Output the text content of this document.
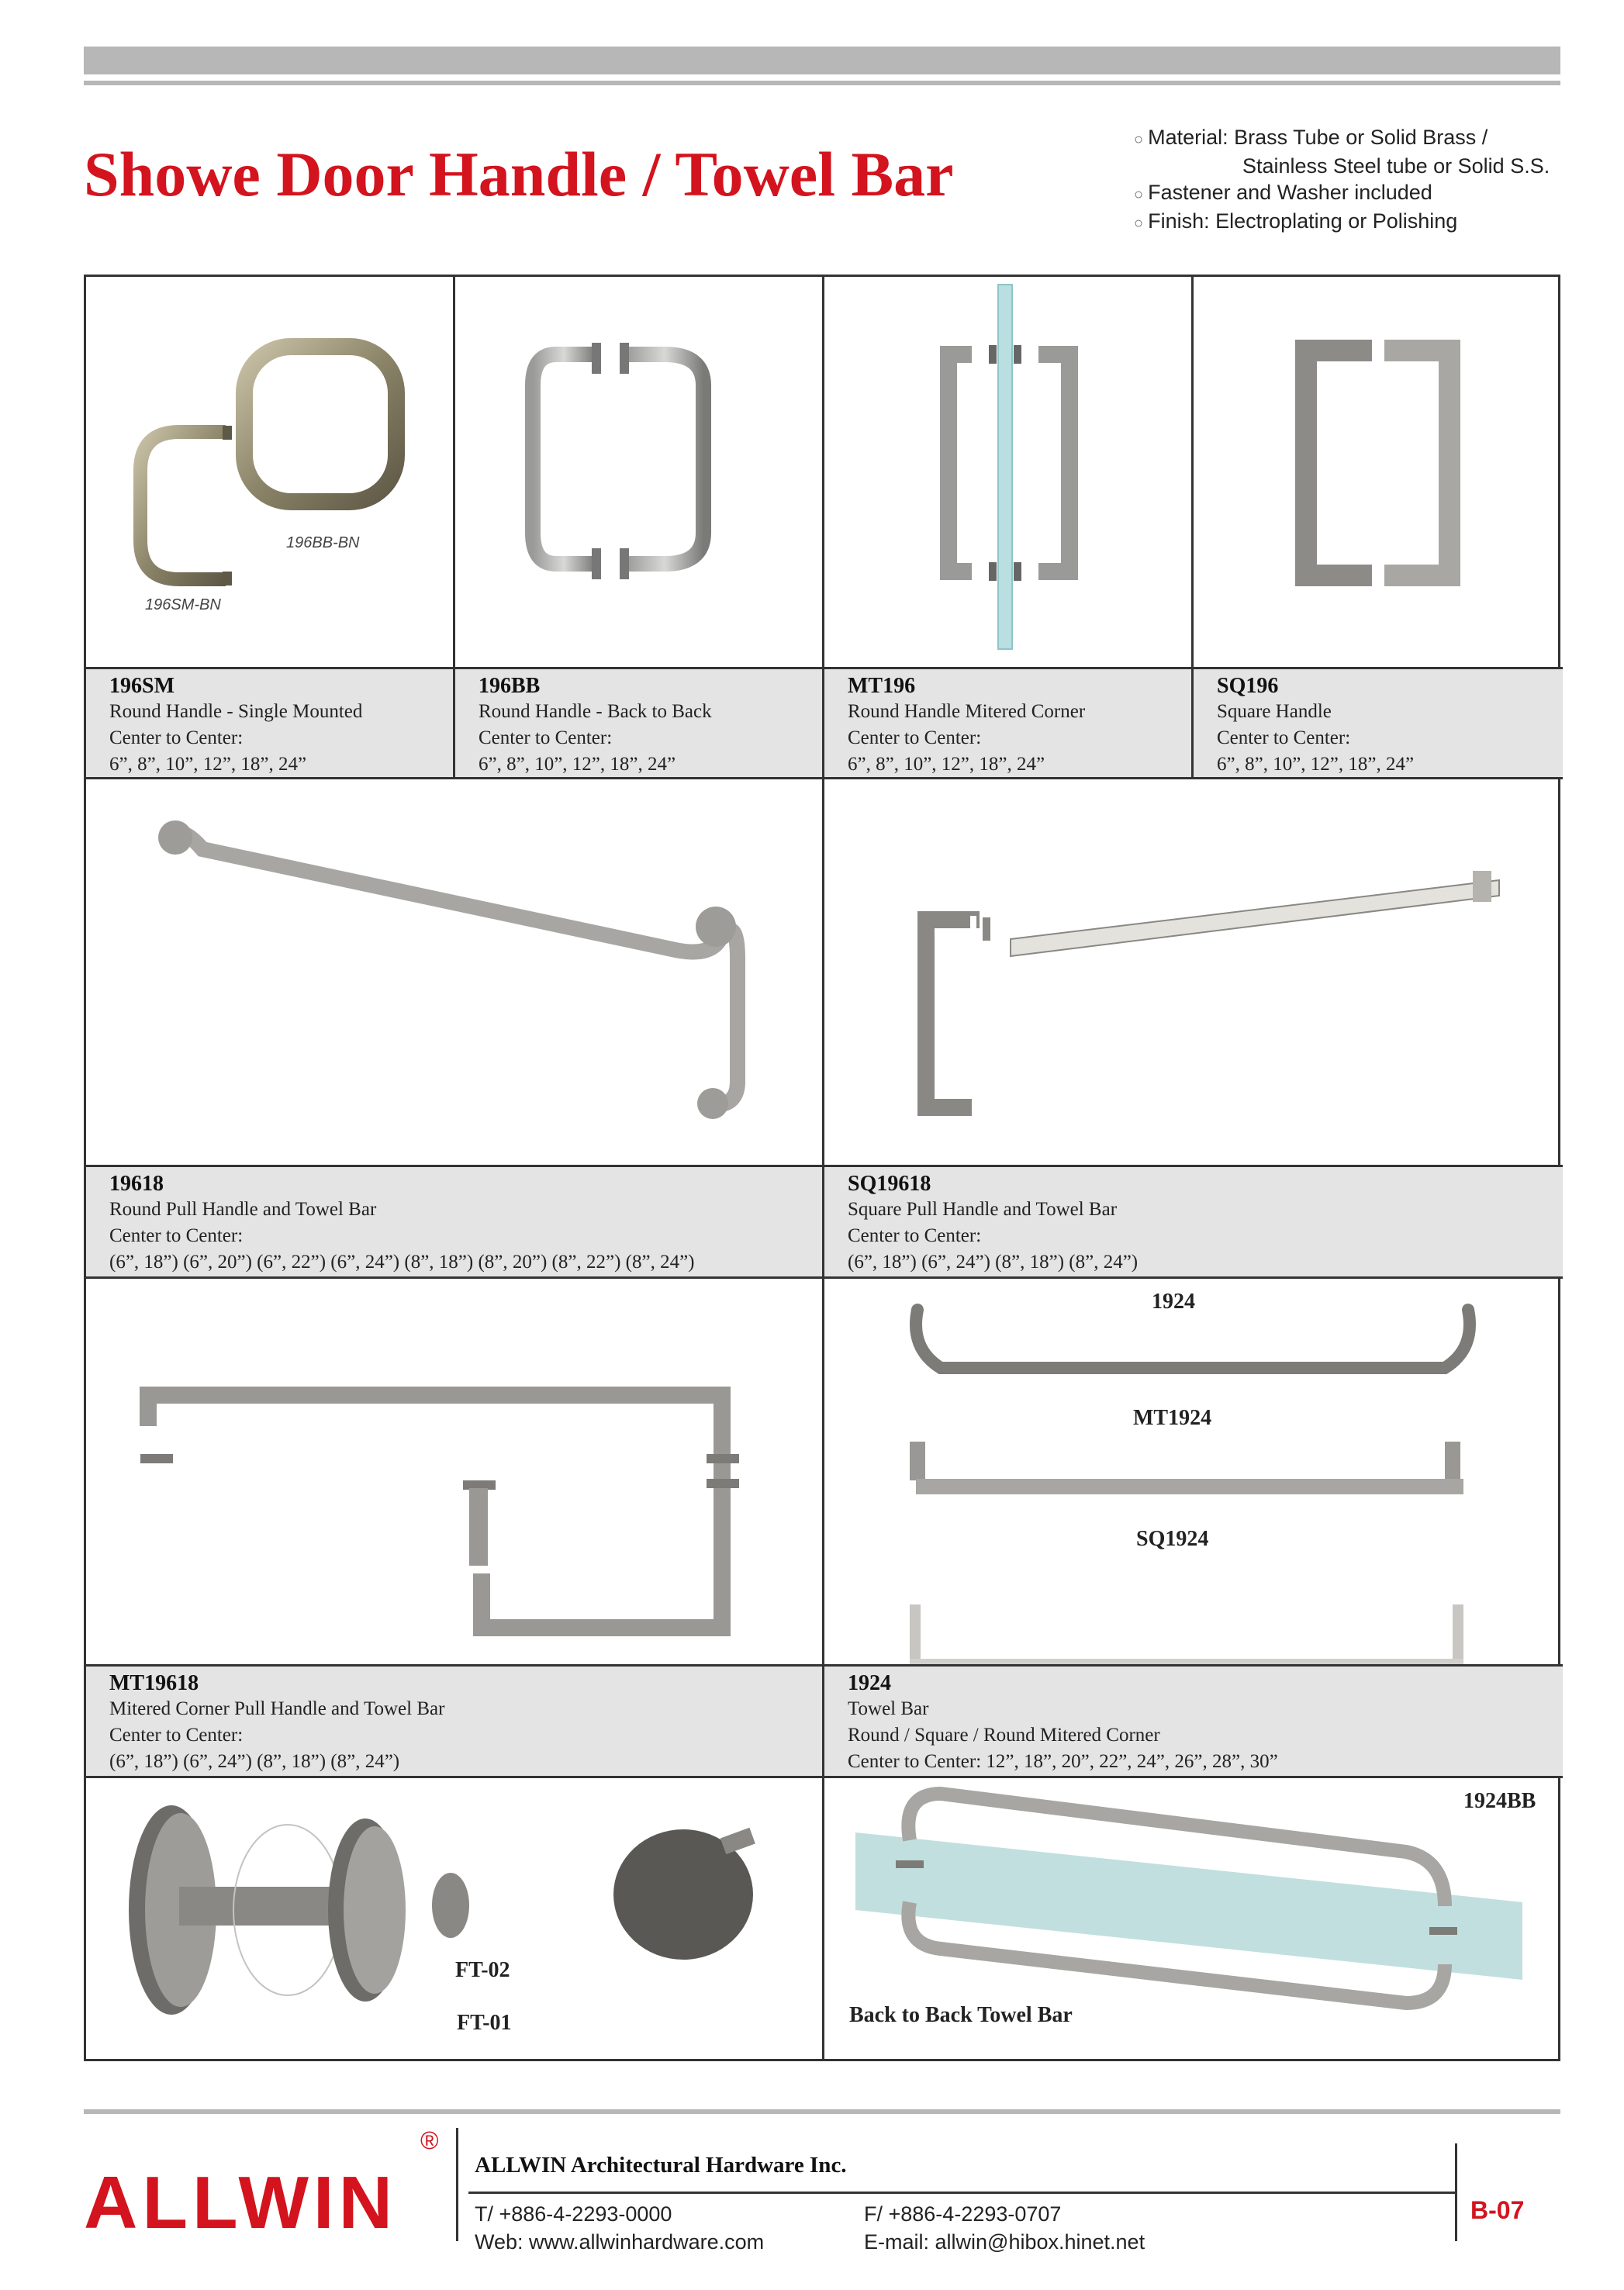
Showe Door Handle / Towel Bar	○ Material: Brass Tube or Solid Brass /
Stainless Steel tube or Solid S.S.
○ Fastener and Washer included
○ Finish: Electroplating or Polishing
196BB-BN
196SM-BN
196SM
Round Handle - Single Mounted
Center to Center:
6”, 8”, 10”, 12”, 18”, 24”
196BB
Round Handle - Back to Back
Center to Center:
6”, 8”, 10”, 12”, 18”, 24”
MT196
Round Handle Mitered Corner
Center to Center:
6”, 8”, 10”, 12”, 18”, 24”
SQ196
Square Handle
Center to Center:
6”, 8”, 10”, 12”, 18”, 24”
19618
Round Pull Handle and Towel Bar
Center to Center:
(6”, 18”) (6”, 20”) (6”, 22”) (6”, 24”) (8”, 18”) (8”, 20”) (8”, 22”) (8”, 24”)
SQ19618
Square Pull Handle and Towel Bar
Center to Center:
(6”, 18”) (6”, 24”) (8”, 18”) (8”, 24”)
1924
MT1924
SQ1924
MT19618
Mitered Corner Pull Handle and Towel Bar
Center to Center:
(6”, 18”) (6”, 24”) (8”, 18”) (8”, 24”)
1924
Towel Bar
Round / Square / Round Mitered Corner
Center to Center: 12”, 18”, 20”, 22”, 24”, 26”, 28”, 30”
FT-02
FT-01
1924BB
Back to Back Towel Bar
ALLWIN
®
ALLWIN Architectural Hardware Inc.
T/ +886-4-2293-0000	F/ +886-4-2293-0707
Web: www.allwinhardware.com	E-mail: allwin@hibox.hinet.net
B-07
